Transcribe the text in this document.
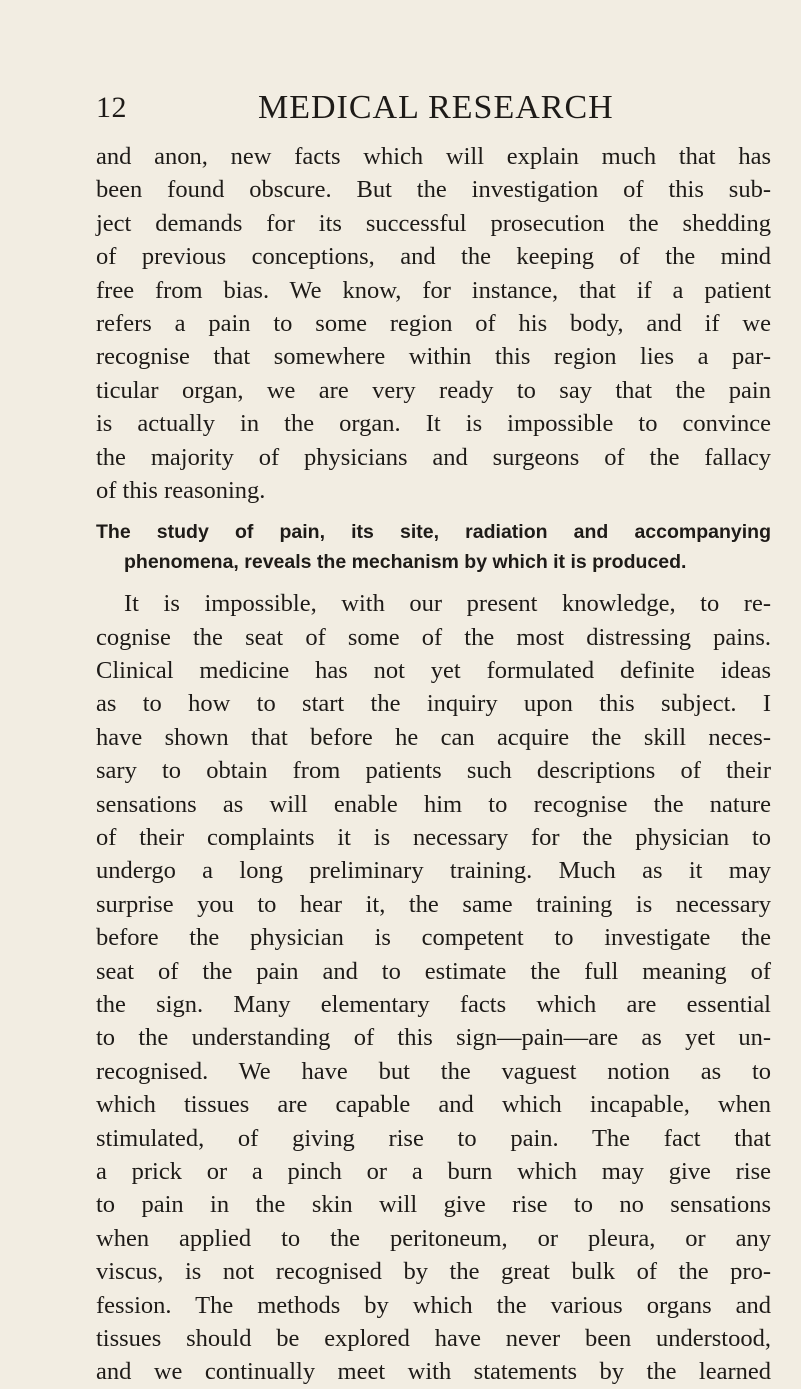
12	MEDICAL RESEARCH
and anon, new facts which will explain much that has
been found obscure. But the investigation of this sub-
ject demands for its successful prosecution the shedding
of previous conceptions, and the keeping of the mind
free from bias. We know, for instance, that if a patient
refers a pain to some region of his body, and if we
recognise that somewhere within this region lies a par-
ticular organ, we are very ready to say that the pain
is actually in the organ. It is impossible to convince
the majority of physicians and surgeons of the fallacy
of this reasoning.
The study of pain, its site, radiation and accompanying
phenomena, reveals the mechanism by which it is produced.
It is impossible, with our present knowledge, to re-
cognise the seat of some of the most distressing pains.
Clinical medicine has not yet formulated definite ideas
as to how to start the inquiry upon this subject. I
have shown that before he can acquire the skill neces-
sary to obtain from patients such descriptions of their
sensations as will enable him to recognise the nature
of their complaints it is necessary for the physician to
undergo a long preliminary training. Much as it may
surprise you to hear it, the same training is necessary
before the physician is competent to investigate the
seat of the pain and to estimate the full meaning of
the sign. Many elementary facts which are essential
to the understanding of this sign—pain—are as yet un-
recognised. We have but the vaguest notion as to
which tissues are capable and which incapable, when
stimulated, of giving rise to pain. The fact that
a prick or a pinch or a burn which may give rise
to pain in the skin will give rise to no sensations
when applied to the peritoneum, or pleura, or any
viscus, is not recognised by the great bulk of the pro-
fession. The methods by which the various organs and
tissues should be explored have never been understood,
and we continually meet with statements by the learned
